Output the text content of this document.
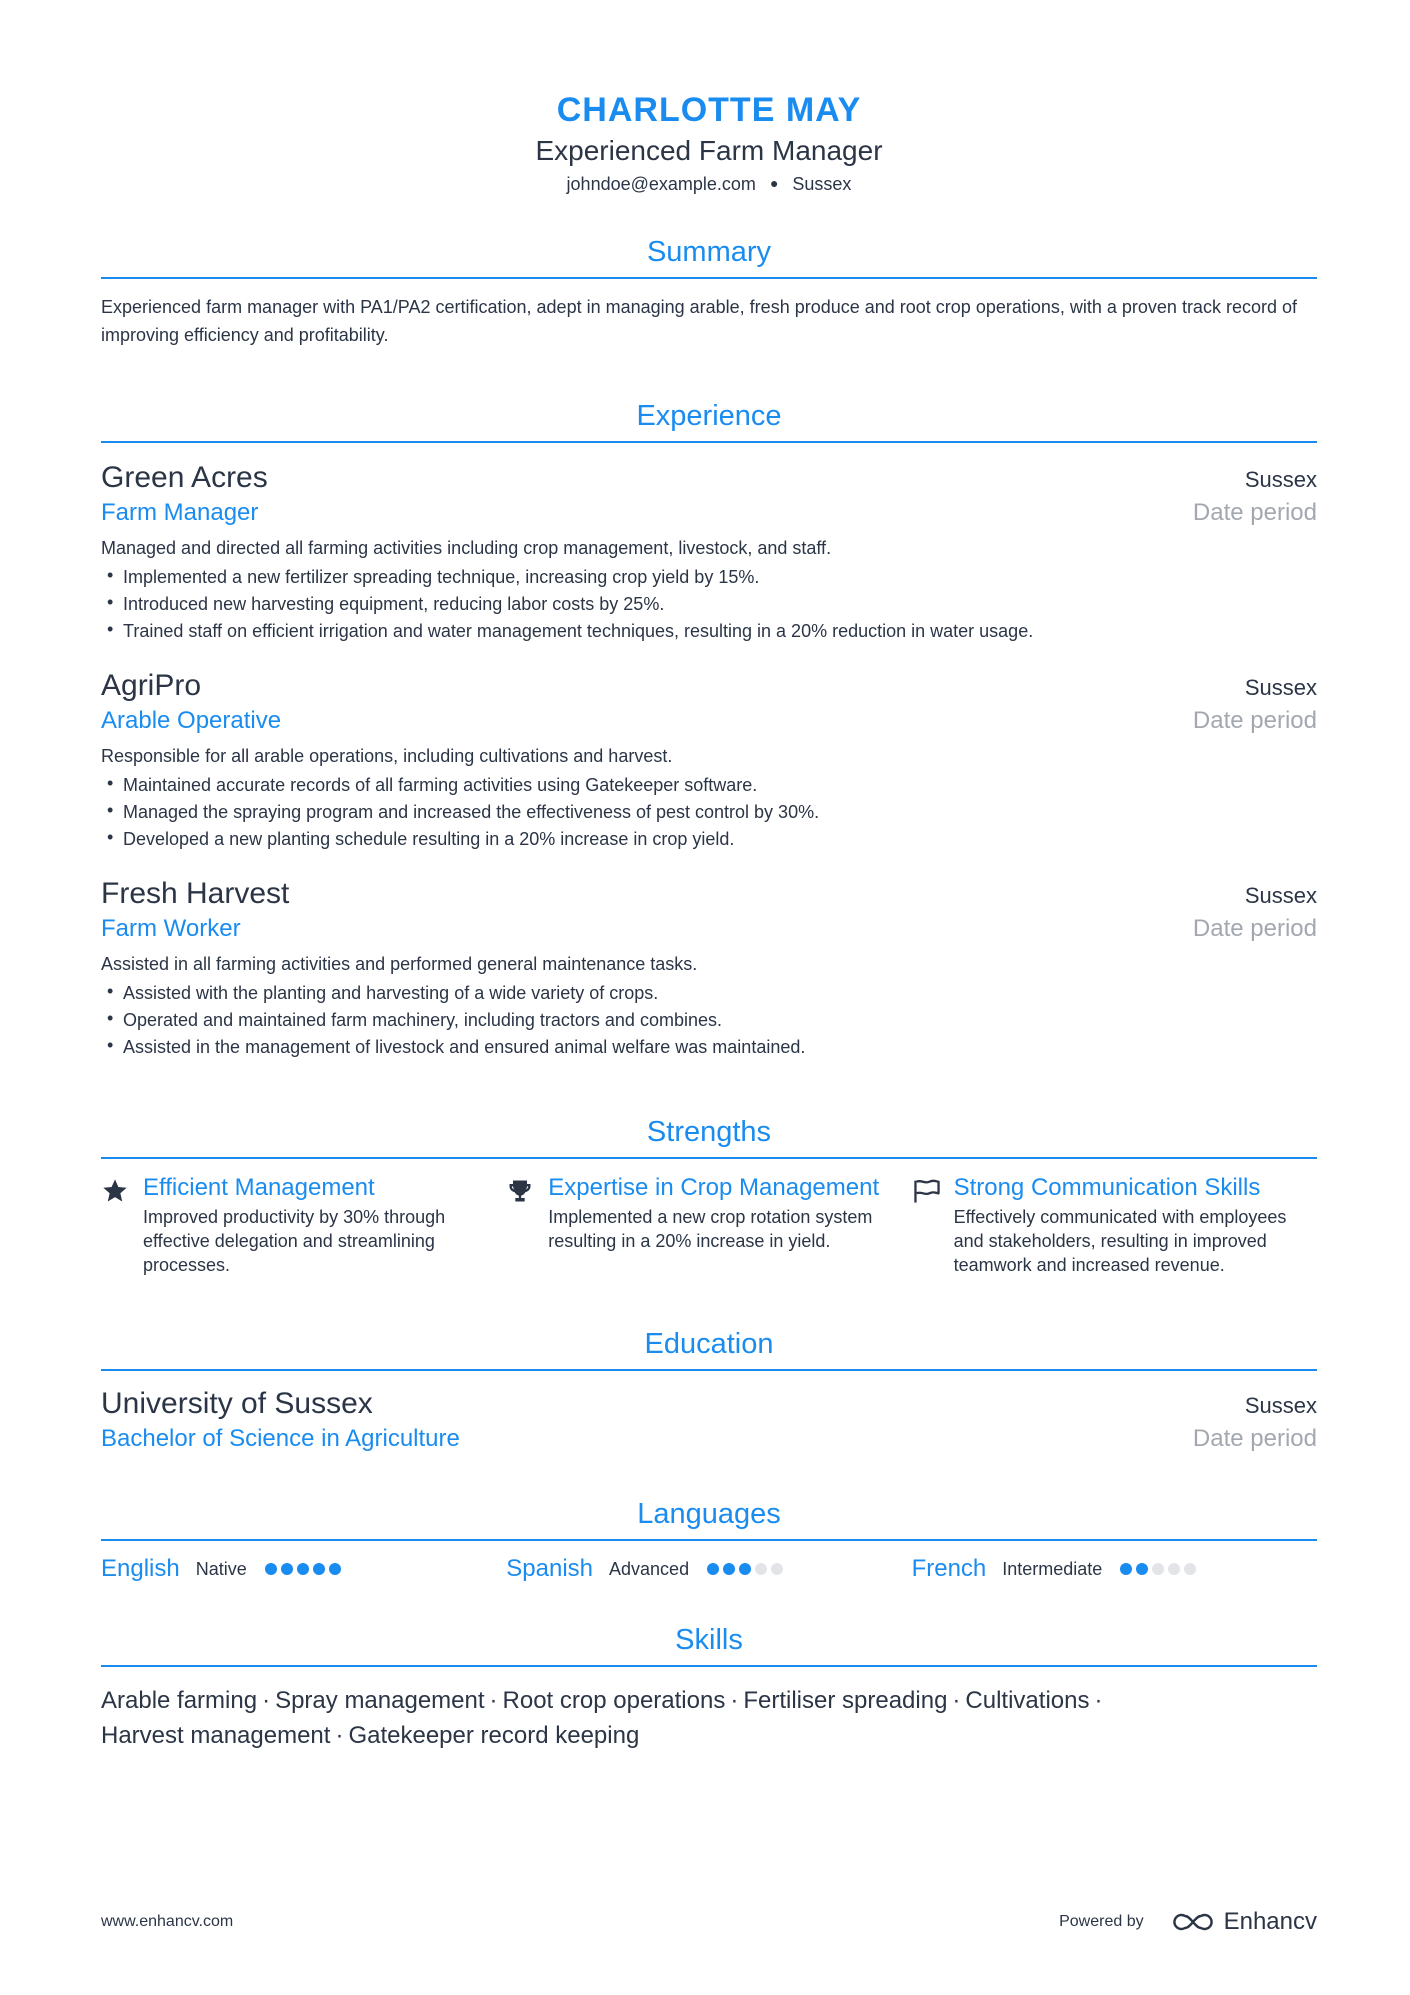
CHARLOTTE MAY
Experienced Farm Manager
johndoe@example.com ● Sussex
Summary
Experienced farm manager with PA1/PA2 certification, adept in managing arable, fresh produce and root crop operations, with a proven track record of improving efficiency and profitability.
Experience
Green Acres	Sussex
Farm Manager	Date period
Managed and directed all farming activities including crop management, livestock, and staff.
• Implemented a new fertilizer spreading technique, increasing crop yield by 15%.
• Introduced new harvesting equipment, reducing labor costs by 25%.
• Trained staff on efficient irrigation and water management techniques, resulting in a 20% reduction in water usage.
AgriPro	Sussex
Arable Operative	Date period
Responsible for all arable operations, including cultivations and harvest.
• Maintained accurate records of all farming activities using Gatekeeper software.
• Managed the spraying program and increased the effectiveness of pest control by 30%.
• Developed a new planting schedule resulting in a 20% increase in crop yield.
Fresh Harvest	Sussex
Farm Worker	Date period
Assisted in all farming activities and performed general maintenance tasks.
• Assisted with the planting and harvesting of a wide variety of crops.
• Operated and maintained farm machinery, including tractors and combines.
• Assisted in the management of livestock and ensured animal welfare was maintained.
Strengths
Efficient Management
Improved productivity by 30% through effective delegation and streamlining processes.
Expertise in Crop Management
Implemented a new crop rotation system resulting in a 20% increase in yield.
Strong Communication Skills
Effectively communicated with employees and stakeholders, resulting in improved teamwork and increased revenue.
Education
University of Sussex	Sussex
Bachelor of Science in Agriculture	Date period
Languages
English Native	Spanish Advanced	French Intermediate
Skills
Arable farming · Spray management · Root crop operations · Fertiliser spreading · Cultivations ·
Harvest management · Gatekeeper record keeping
www.enhancv.com	Powered by	Enhancv
